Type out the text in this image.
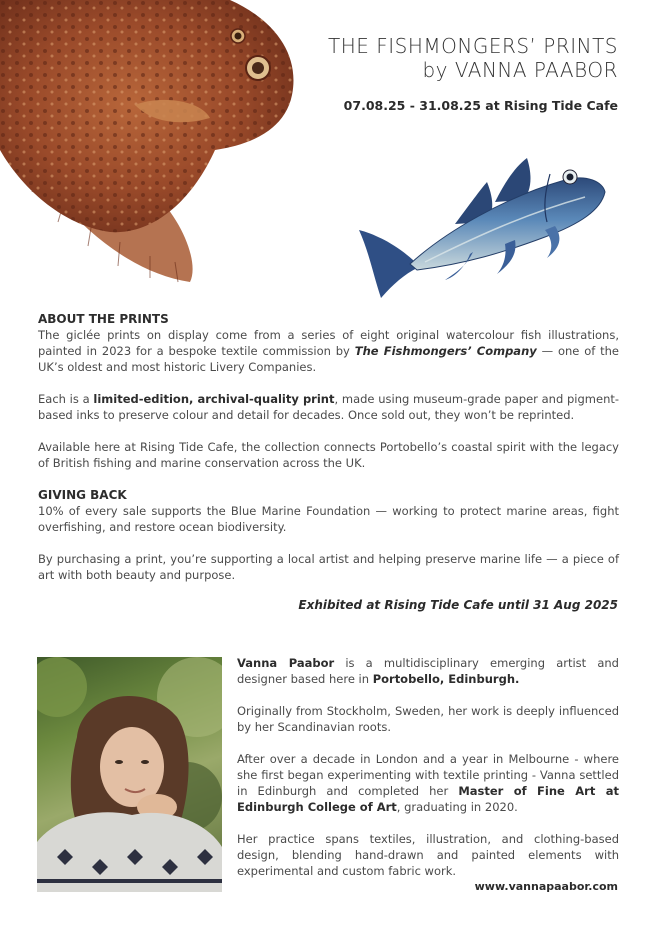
THE FISHMONGERS’ PRINTS
by VANNA PAABOR
07.08.25 - 31.08.25 at Rising Tide Cafe
ABOUT THE PRINTS

The giclée prints on display come from a series of eight original watercolour fish illustrations, painted in 2023 for a bespoke textile commission by The Fishmongers’ Company — one of the UK’s oldest and most historic Livery Companies.

Each is a limited-edition, archival-quality print, made using museum-grade paper and pigment-based inks to preserve colour and detail for decades. Once sold out, they won’t be reprinted.

Available here at Rising Tide Cafe, the collection connects Portobello’s coastal spirit with the legacy of British fishing and marine conservation across the UK.

GIVING BACK

10% of every sale supports the Blue Marine Foundation — working to protect marine areas, fight overfishing, and restore ocean biodiversity.

By purchasing a print, you’re supporting a local artist and helping preserve marine life — a piece of art with both beauty and purpose.

Exhibited at Rising Tide Cafe until 31 Aug 2025

Vanna Paabor is a multidisciplinary emerging artist and designer based here in Portobello, Edinburgh.

Originally from Stockholm, Sweden, her work is deeply influenced by her Scandinavian roots.

After over a decade in London and a year in Melbourne - where she first began experimenting with textile printing - Vanna settled in Edinburgh and completed her Master of Fine Art at Edinburgh College of Art, graduating in 2020.

Her practice spans textiles, illustration, and clothing-based design, blending hand-drawn and painted elements with experimental and custom fabric work.

www.vannapaabor.com
